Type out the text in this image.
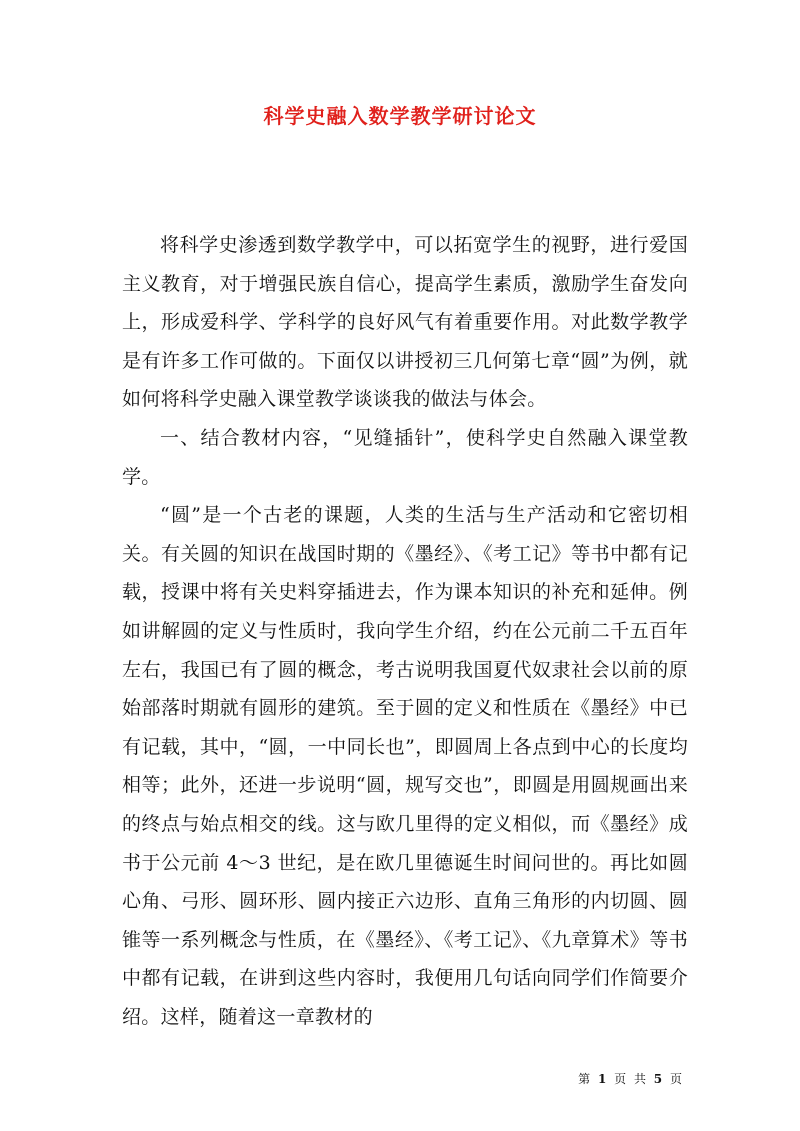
科学史融入数学教学研讨论文

将科学史渗透到数学教学中，可以拓宽学生的视野，进行爱国主义教育，对于增强民族自信心，提高学生素质，激励学生奋发向上，形成爱科学、学科学的良好风气有着重要作用。对此数学教学是有许多工作可做的。下面仅以讲授初三几何第七章“圆”为例，就如何将科学史融入课堂教学谈谈我的做法与体会。

一、结合教材内容，“见缝插针”，使科学史自然融入课堂教学。

“圆”是一个古老的课题，人类的生活与生产活动和它密切相关。有关圆的知识在战国时期的《墨经》、《考工记》等书中都有记载，授课中将有关史料穿插进去，作为课本知识的补充和延伸。例如讲解圆的定义与性质时，我向学生介绍，约在公元前二千五百年左右，我国已有了圆的概念，考古说明我国夏代奴隶社会以前的原始部落时期就有圆形的建筑。至于圆的定义和性质在《墨经》中已有记载，其中，“圆，一中同长也”，即圆周上各点到中心的长度均相等；此外，还进一步说明“圆，规写交也”，即圆是用圆规画出来的终点与始点相交的线。这与欧几里得的定义相似，而《墨经》成书于公元前 4～3 世纪，是在欧几里德诞生时间问世的。再比如圆心角、弓形、圆环形、圆内接正六边形、直角三角形的内切圆、圆锥等一系列概念与性质，在《墨经》、《考工记》、《九章算术》等书中都有记载，在讲到这些内容时，我便用几句话向同学们作简要介绍。这样，随着这一章教材的

第 1 页 共 5 页
